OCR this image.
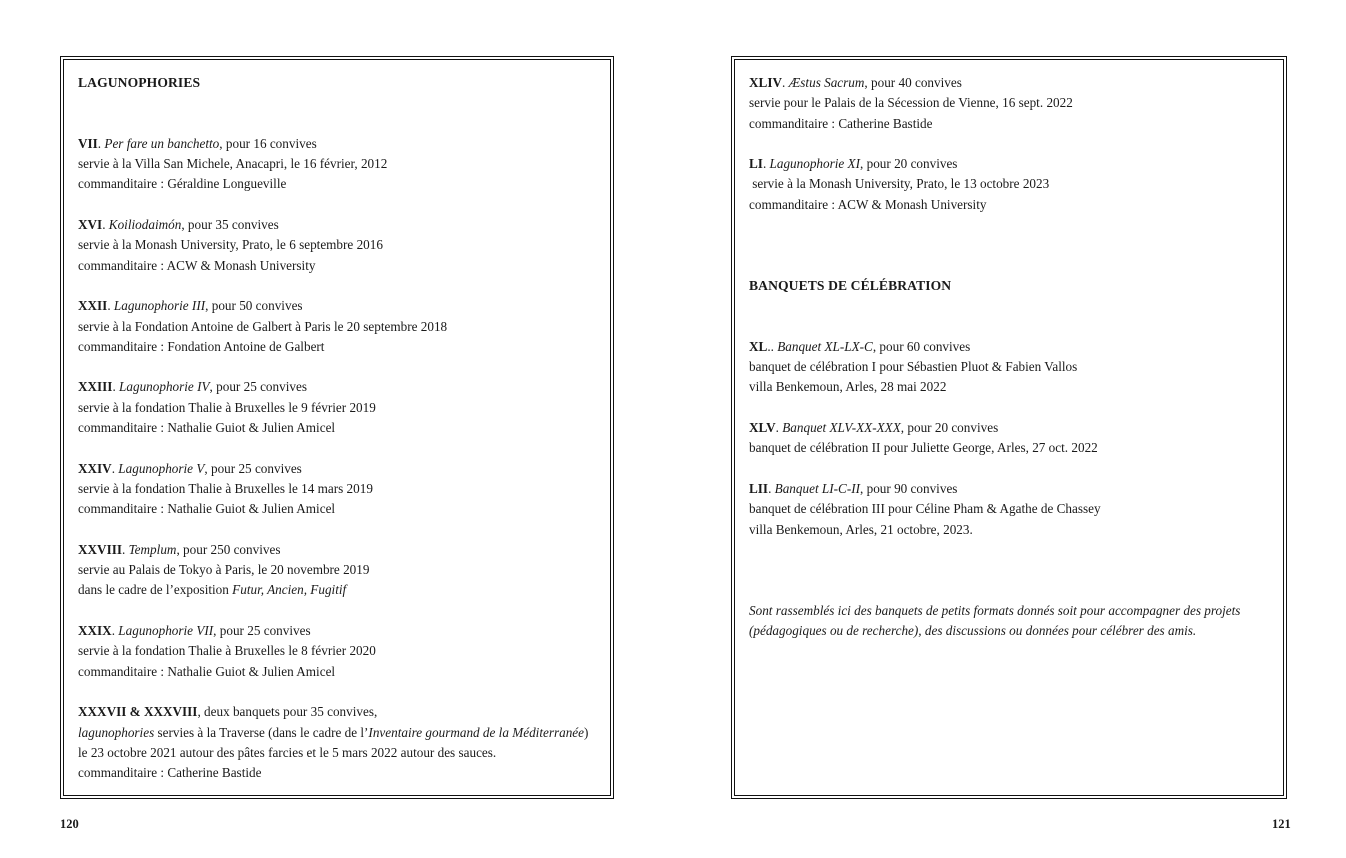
LAGUNOPHORIES
VII. Per fare un banchetto, pour 16 convives
servie à la Villa San Michele, Anacapri, le 16 février, 2012
commanditaire : Géraldine Longueville
XVI. Koiliodaimón, pour 35 convives
servie à la Monash University, Prato, le 6 septembre 2016
commanditaire : ACW & Monash University
XXII. Lagunophorie III, pour 50 convives
servie à la Fondation Antoine de Galbert à Paris le 20 septembre 2018
commanditaire : Fondation Antoine de Galbert
XXIII. Lagunophorie IV, pour 25 convives
servie à la fondation Thalie à Bruxelles le 9 février 2019
commanditaire : Nathalie Guiot & Julien Amicel
XXIV. Lagunophorie V, pour 25 convives
servie à la fondation Thalie à Bruxelles le 14 mars 2019
commanditaire : Nathalie Guiot & Julien Amicel
XXVIII. Templum, pour 250 convives
servie au Palais de Tokyo à Paris, le 20 novembre 2019
dans le cadre de l’exposition Futur, Ancien, Fugitif
XXIX. Lagunophorie VII, pour 25 convives
servie à la fondation Thalie à Bruxelles le 8 février 2020
commanditaire : Nathalie Guiot & Julien Amicel
XXXVII & XXXVIII, deux banquets pour 35 convives,
lagunophories servies à la Traverse (dans le cadre de l’Inventaire gourmand de la Méditerranée)
le 23 octobre 2021 autour des pâtes farcies et le 5 mars 2022 autour des sauces.
commanditaire : Catherine Bastide
XLIV. Æstus Sacrum, pour 40 convives
servie pour le Palais de la Sécession de Vienne, 16 sept. 2022
commanditaire : Catherine Bastide
LI. Lagunophorie XI, pour 20 convives
servie à la Monash University, Prato, le 13 octobre 2023
commanditaire : ACW & Monash University
BANQUETS DE CÉLÉBRATION
XL.. Banquet XL-LX-C, pour 60 convives
banquet de célébration I pour Sébastien Pluot & Fabien Vallos
villa Benkemoun, Arles, 28 mai 2022
XLV. Banquet XLV-XX-XXX, pour 20 convives
banquet de célébration II pour Juliette George, Arles, 27 oct. 2022
LII. Banquet LI-C-II, pour 90 convives
banquet de célébration III pour Céline Pham & Agathe de Chassey
villa Benkemoun, Arles, 21 octobre, 2023.
Sont rassemblés ici des banquets de petits formats donnés soit pour accompagner des projets
(pédagogiques ou de recherche), des discussions ou données pour célébrer des amis.
120	121
